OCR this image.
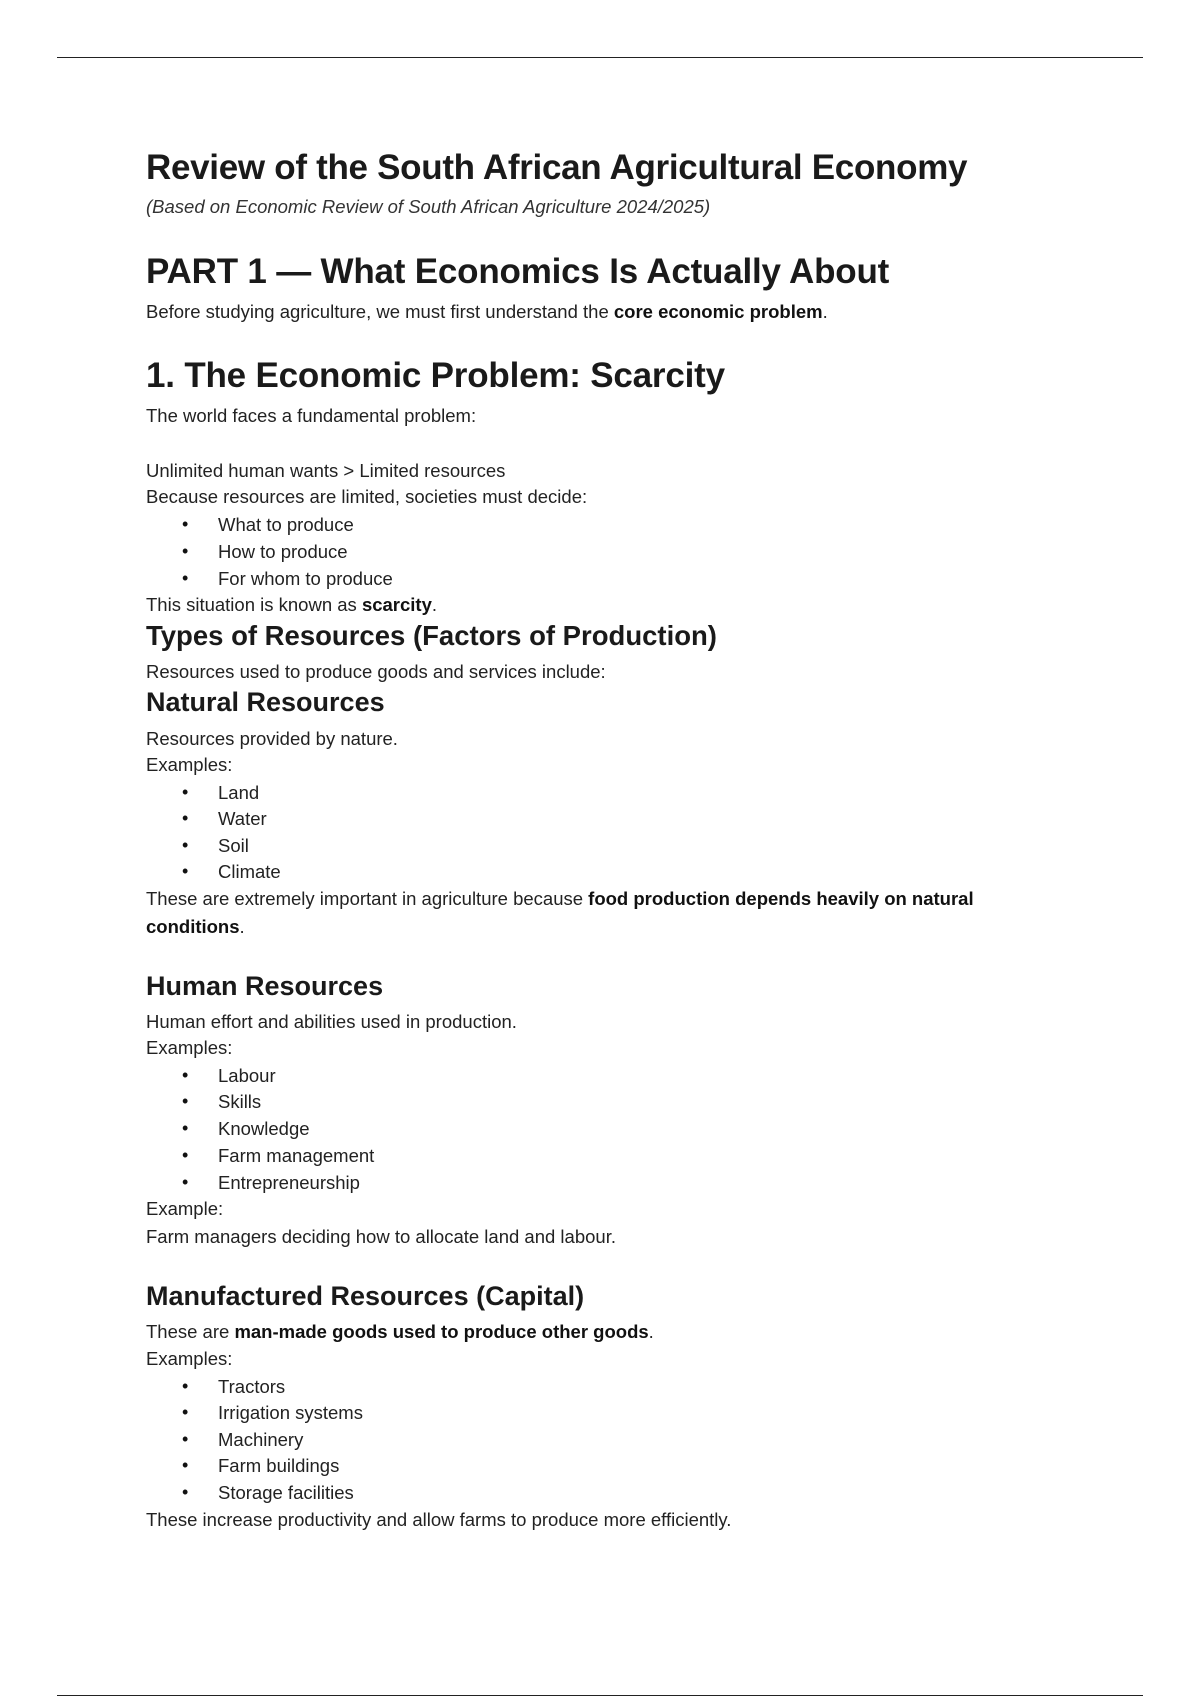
Review of the South African Agricultural Economy
(Based on Economic Review of South African Agriculture 2024/2025)
PART 1 — What Economics Is Actually About
Before studying agriculture, we must first understand the core economic problem.
1. The Economic Problem: Scarcity
The world faces a fundamental problem:
Unlimited human wants > Limited resources
Because resources are limited, societies must decide:
• What to produce
• How to produce
• For whom to produce
This situation is known as scarcity.
Types of Resources (Factors of Production)
Resources used to produce goods and services include:
Natural Resources
Resources provided by nature.
Examples:
• Land
• Water
• Soil
• Climate
These are extremely important in agriculture because food production depends heavily on natural
conditions.
Human Resources
Human effort and abilities used in production.
Examples:
• Labour
• Skills
• Knowledge
• Farm management
• Entrepreneurship
Example:
Farm managers deciding how to allocate land and labour.
Manufactured Resources (Capital)
These are man-made goods used to produce other goods.
Examples:
• Tractors
• Irrigation systems
• Machinery
• Farm buildings
• Storage facilities
These increase productivity and allow farms to produce more efficiently.
